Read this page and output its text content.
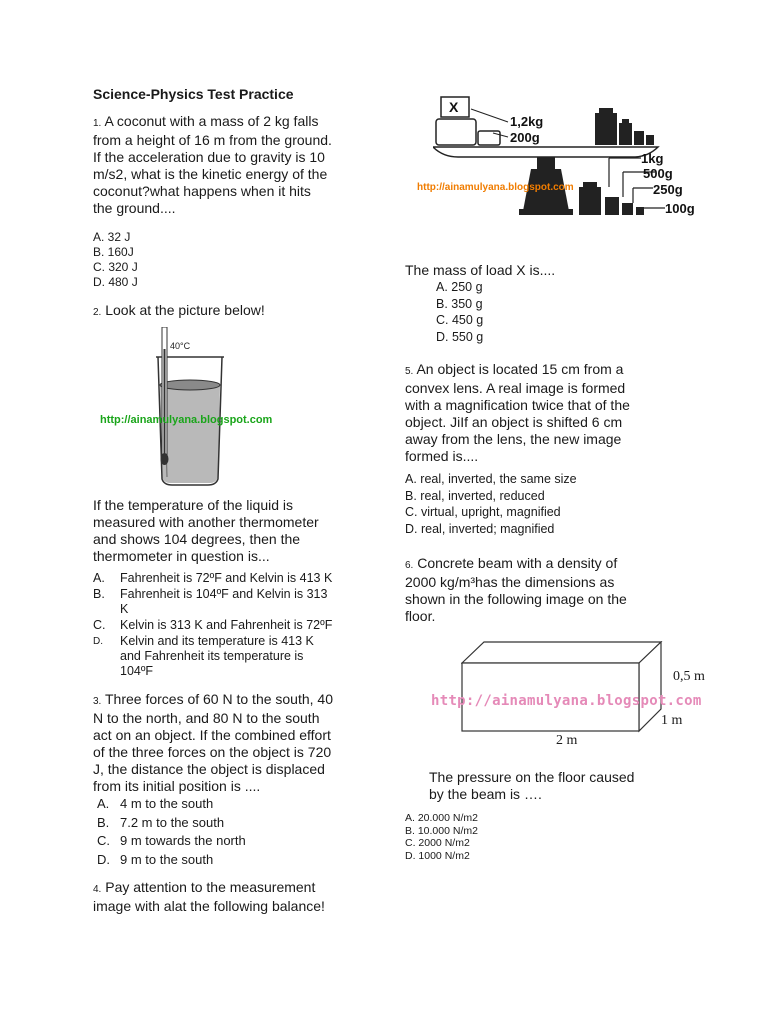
Science-Physics Test Practice

1. A coconut with a mass of 2 kg falls
from a height of 16 m from the ground.
If the acceleration due to gravity is 10
m/s2, what is the kinetic energy of the
coconut?what happens when it hits
the ground....

A. 32 J
B. 160J
C. 320 J
D. 480 J

2. Look at the picture below!

40°C
http://ainamulyana.blogspot.com

If the temperature of the liquid is
measured with another thermometer
and shows 104 degrees, then the
thermometer in question is...

A.	Fahrenheit is 72ºF and Kelvin is 413 K
B.	Fahrenheit is 104ºF and Kelvin is 313
K
C.	Kelvin is 313 K and Fahrenheit is 72ºF
D.	Kelvin and its temperature is 413 K
and Fahrenheit its temperature is
104ºF

3. Three forces of 60 N to the south, 40
N to the north, and 80 N to the south
act on an object. If the combined effort
of the three forces on the object is 720
J, the distance the object is displaced
from its initial position is ....

A. 4 m to the south
B. 7.2 m to the south
C. 9 m towards the north
D. 9 m to the south

4. Pay attention to the measurement
image with alat the following balance!

X
1,2kg
200g
1kg
500g
250g
100g
http://ainamulyana.blogspot.com

The mass of load X is....

A. 250 g
B. 350 g
C. 450 g
D. 550 g

5. An object is located 15 cm from a
convex lens. A real image is formed
with a magnification twice that of the
object. JiIf an object is shifted 6 cm
away from the lens, the new image
formed is....

A. real, inverted, the same size
B. real, inverted, reduced
C. virtual, upright, magnified
D. real, inverted; magnified

6. Concrete beam with a density of
2000 kg/m³has the dimensions as
shown in the following image on the
floor.

0,5 m
1 m
2 m
http://ainamulyana.blogspot.com

The pressure on the floor caused
by the beam is ….

A. 20.000 N/m2
B. 10.000 N/m2
C. 2000 N/m2
D. 1000 N/m2
